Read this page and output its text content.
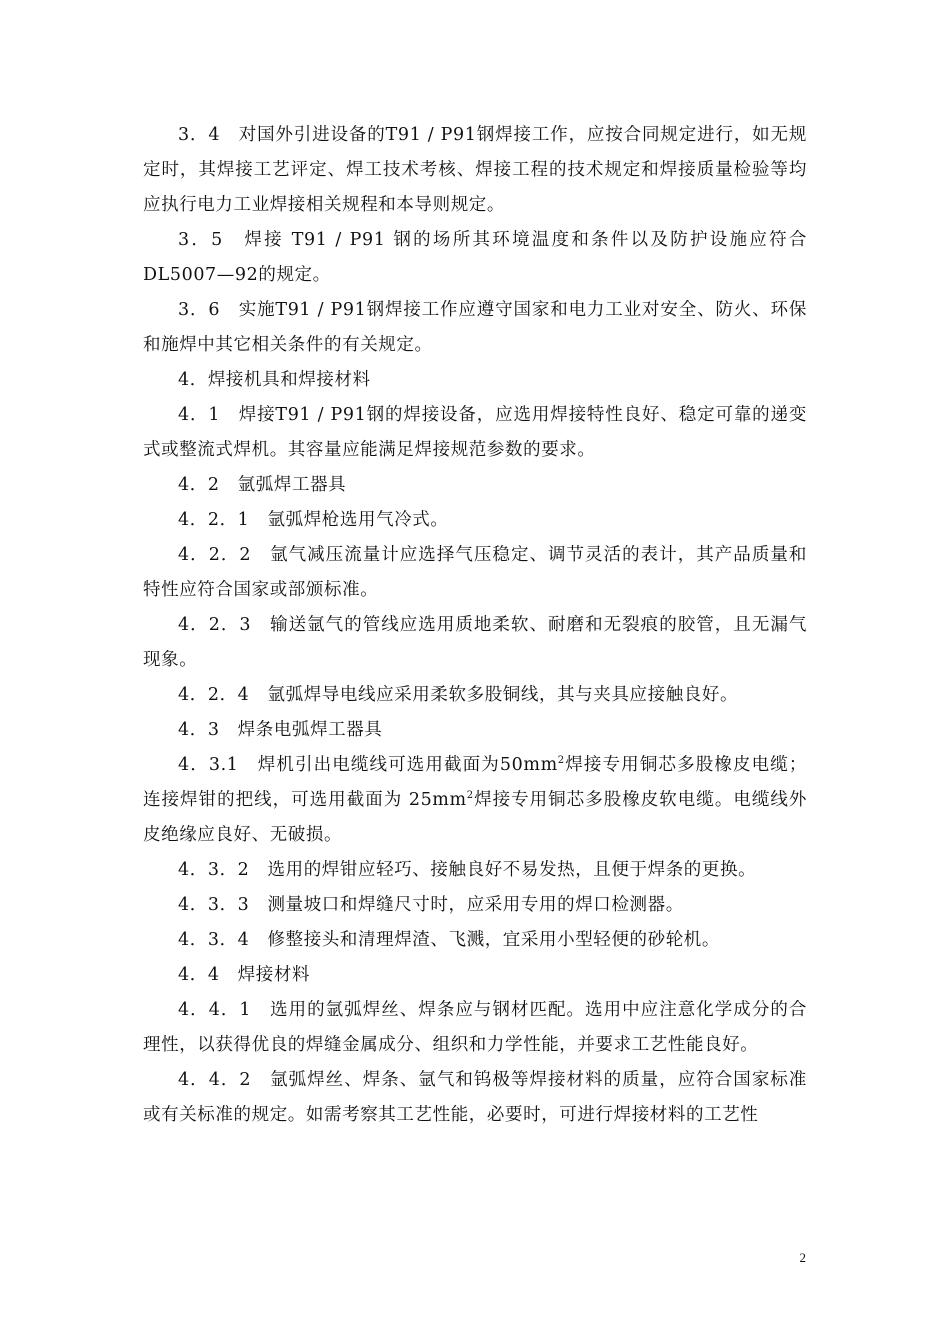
3．4　对国外引进设备的T91 / P91钢焊接工作，应按合同规定进行，如无规定时，其焊接工艺评定、焊工技术考核、焊接工程的技术规定和焊接质量检验等均应执行电力工业焊接相关规程和本导则规定。

3．5　焊接 T91 / P91 钢的场所其环境温度和条件以及防护设施应符合DL5007—92的规定。

3．6　实施T91 / P91钢焊接工作应遵守国家和电力工业对安全、防火、环保和施焊中其它相关条件的有关规定。

4．焊接机具和焊接材料

4．1　焊接T91 / P91钢的焊接设备，应选用焊接特性良好、稳定可靠的递变式或整流式焊机。其容量应能满足焊接规范参数的要求。

4．2　氩弧焊工器具

4．2．1　氩弧焊枪选用气冷式。

4．2．2　氩气减压流量计应选择气压稳定、调节灵活的表计，其产品质量和特性应符合国家或部颁标准。

4．2．3　输送氩气的管线应选用质地柔软、耐磨和无裂痕的胶管，且无漏气现象。

4．2．4　氩弧焊导电线应采用柔软多股铜线，其与夹具应接触良好。

4．3　焊条电弧焊工器具

4．3.1　焊机引出电缆线可选用截面为$50mm^2$焊接专用铜芯多股橡皮电缆；连接焊钳的把线，可选用截面为 $25mm^2$焊接专用铜芯多股橡皮软电缆。电缆线外皮绝缘应良好、无破损。

4．3．2　选用的焊钳应轻巧、接触良好不易发热，且便于焊条的更换。

4．3．3　测量坡口和焊缝尺寸时，应采用专用的焊口检测器。

4．3．4　修整接头和清理焊渣、飞溅，宜采用小型轻便的砂轮机。

4．4　焊接材料

4．4．1　选用的氩弧焊丝、焊条应与钢材匹配。选用中应注意化学成分的合理性，以获得优良的焊缝金属成分、组织和力学性能，并要求工艺性能良好。

4．4．2　氩弧焊丝、焊条、氩气和钨极等焊接材料的质量，应符合国家标准或有关标准的规定。如需考察其工艺性能，必要时，可进行焊接材料的工艺性

2
